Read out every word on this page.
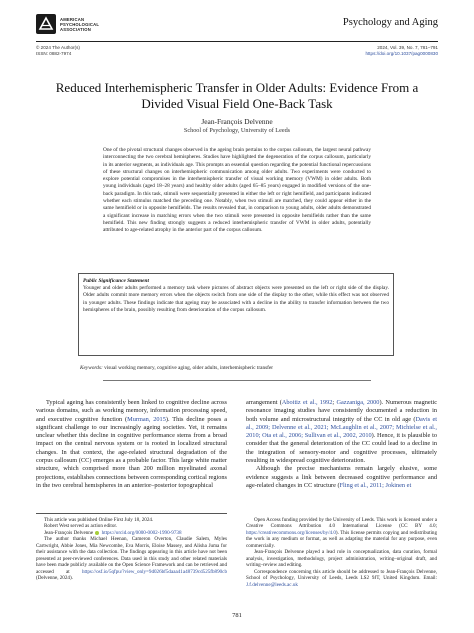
AMERICAN
PSYCHOLOGICAL
ASSOCIATION
Psychology and Aging
© 2024 The Author(s)
ISSN: 0882-7974
2024, Vol. 39, No. 7, 781–791
https://doi.org/10.1037/pag0000830
Reduced Interhemispheric Transfer in Older Adults: Evidence From a Divided Visual Field One-Back Task
Jean-François Delvenne
School of Psychology, University of Leeds
One of the pivotal structural changes observed in the ageing brain pertains to the corpus callosum, the largest neural pathway interconnecting the two cerebral hemispheres. Studies have highlighted the degeneration of the corpus callosum, particularly in its anterior segments, as individuals age. This prompts an essential question regarding the potential functional repercussions of these structural changes on interhemispheric communication among older adults. Two experiments were conducted to explore potential compromises in the interhemispheric transfer of visual working memory (VWM) in older adults. Both young individuals (aged 18–28 years) and healthy older adults (aged 65–85 years) engaged in modified versions of the one-back paradigm. In this task, stimuli were sequentially presented in either the left or right hemifield, and participants indicated whether each stimulus matched the preceding one. Notably, when two stimuli are matched, they could appear either in the same hemifield or in opposite hemifields. The results revealed that, in comparison to young adults, older adults demonstrated a significant increase in matching errors when the two stimuli were presented in opposite hemifields rather than the same hemifield. This new finding strongly suggests a reduced interhemispheric transfer of VWM in older adults, potentially attributed to age-related atrophy in the anterior part of the corpus callosum.
Public Significance Statement
Younger and older adults performed a memory task where pictures of abstract objects were presented on the left or right side of the display. Older adults commit more memory errors when the objects switch from one side of the display to the other, while this effect was not observed in younger adults. These findings indicate that ageing may be associated with a decline in the ability to transfer information between the two hemispheres of the brain, possibly resulting from deterioration of the corpus callosum.
Keywords: visual working memory, cognitive aging, older adults, interhemispheric transfer

Typical ageing has consistently been linked to cognitive decline across various domains, such as working memory, information processing speed, and executive cognitive function (Murman, 2015). This decline poses a significant challenge to our increasingly ageing societies. Yet, it remains unclear whether this decline in cognitive performance stems from a broad impact on the central nervous system or is rooted in localized structural changes. In that context, the age-related structural degradation of the corpus callosum (CC) emerges as a probable factor. This large white matter structure, which comprised more than 200 million myelinated axonal projections, establishes connections between corresponding cortical regions in the two cerebral hemispheres in an anterior–posterior topographical

arrangement (Aboitiz et al., 1992; Gazzaniga, 2000). Numerous magnetic resonance imaging studies have consistently documented a reduction in both volume and microstructural integrity of the CC in old age (Davis et al., 2009; Delvenne et al., 2021; McLaughlin et al., 2007; Michielse et al., 2010; Ota et al., 2006; Sullivan et al., 2002, 2010). Hence, it is plausible to consider that the general deterioration of the CC could lead to a decline in the integration of sensory-motor and cognitive processes, ultimately resulting in widespread cognitive deterioration.

Although the precise mechanisms remain largely elusive, some evidence suggests a link between decreased cognitive performance and age-related changes in CC structure (Fling et al., 2011; Jokinen et

This article was published Online First July 18, 2024.

Robert West served as action editor.

Jean-François Delvenne https://orcid.org/0000-0002-1990-9738

The author thanks Michael Heenan, Cameron Overton, Claudie Salem, Myles Cartwright, Abbie Jones, Mia Newcombe, Eva Morris, Eloise Massey, and Alisha Juma for their assistance with the data collection. The findings appearing in this article have not been presented at peer-reviewed conferences. Data used in this study and other related materials have been made publicly available on the Open Science Framework and can be retrieved and accessed at https://osf.io/5qfpu/?view_only=9d026bf5daaa41a48739cd525fb890cb (Delvenne, 2024).

Open Access funding provided by the University of Leeds. This work is licensed under a Creative Commons Attribution 4.0 International License (CC BY 4.0; https://creativecommons.org/licenses/by/4.0). This license permits copying and redistributing the work in any medium or format, as well as adapting the material for any purpose, even commercially.

Jean-François Delvenne played a lead role in conceptualization, data curation, formal analysis, investigation, methodology, project administration, writing–original draft, and writing–review and editing.

Correspondence concerning this article should be addressed to Jean-François Delvenne, School of Psychology, University of Leeds, Leeds LS2 9JT, United Kingdom. Email: J.f.delvenne@leeds.ac.uk

781
